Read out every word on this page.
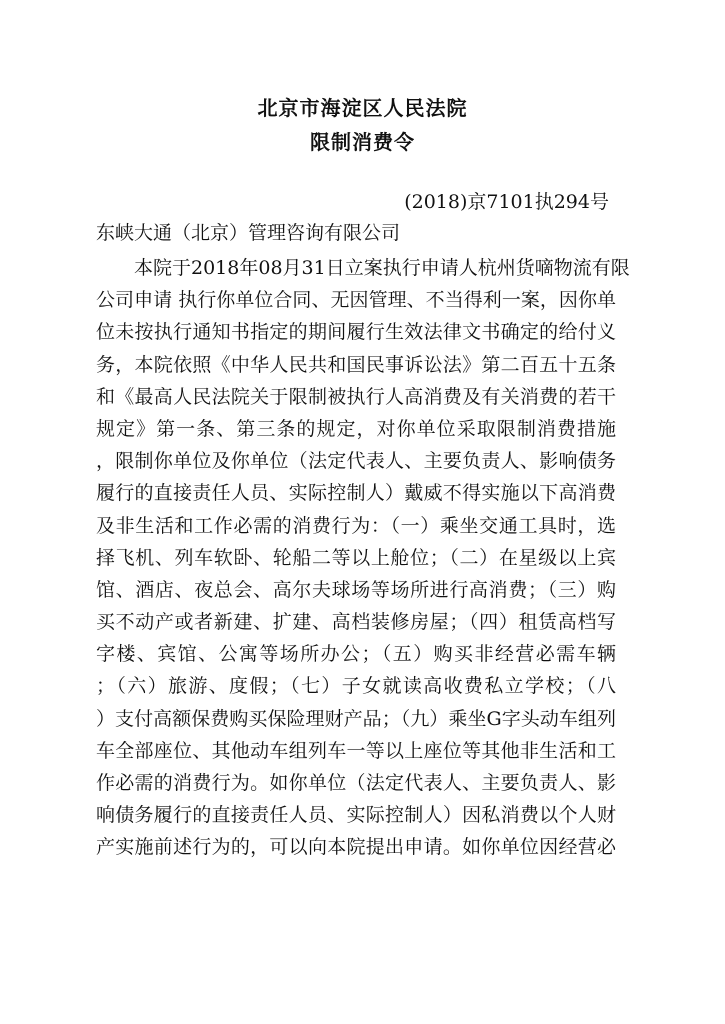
北京市海淀区人民法院
限制消费令
(2018)京7101执294号
东峡大通（北京）管理咨询有限公司
本院于2018年08月31日立案执行申请人杭州货嘀物流有限
公司申请 执行你单位合同、无因管理、不当得利一案，因你单
位未按执行通知书指定的期间履行生效法律文书确定的给付义
务，本院依照《中华人民共和国民事诉讼法》第二百五十五条
和《最高人民法院关于限制被执行人高消费及有关消费的若干
规定》第一条、第三条的规定，对你单位采取限制消费措施
，限制你单位及你单位（法定代表人、主要负责人、影响债务
履行的直接责任人员、实际控制人）戴威不得实施以下高消费
及非生活和工作必需的消费行为：（一）乘坐交通工具时，选
择飞机、列车软卧、轮船二等以上舱位；（二）在星级以上宾
馆、酒店、夜总会、高尔夫球场等场所进行高消费；（三）购
买不动产或者新建、扩建、高档装修房屋；（四）租赁高档写
字楼、宾馆、公寓等场所办公；（五）购买非经营必需车辆
；（六）旅游、度假；（七）子女就读高收费私立学校；（八
）支付高额保费购买保险理财产品；（九）乘坐G字头动车组列
车全部座位、其他动车组列车一等以上座位等其他非生活和工
作必需的消费行为。如你单位（法定代表人、主要负责人、影
响债务履行的直接责任人员、实际控制人）因私消费以个人财
产实施前述行为的，可以向本院提出申请。如你单位因经营必
